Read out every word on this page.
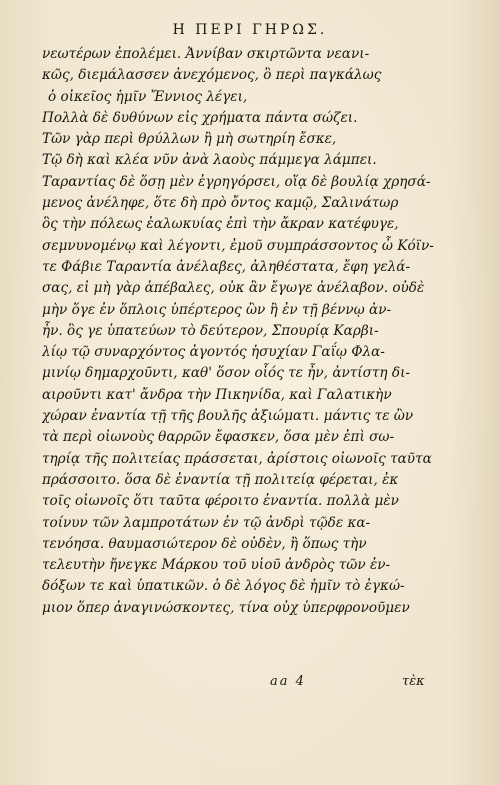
Η ΠΕΡΙ ΓΗΡΩΣ.
νεωτέρων ἐπολέμει. Ἀννίβαν σκιρτῶντα νεανι-
κῶς, διεμάλασσεν ἀνεχόμενος, ὃ περὶ παγκάλως
ὁ οἰκεῖος ἡμῖν Ἔννιος λέγει,
Πολλὰ δὲ δυθύνων εἰς χρήματα πάντα σώζει.
Τῶν γὰρ περὶ θρύλλων ἢ μὴ σωτηρίη ἔσκε,
Τῷ δὴ καὶ κλέα νῦν ἀνὰ λαοὺς πάμμεγα λάμπει.
Ταραντίας δὲ ὅσῃ μὲν ἐγρηγόρσει, οἵᾳ δὲ βουλίᾳ χρησά-
μενος ἀνέληφε, ὅτε δὴ πρὸ ὄντος καμῷ, Σαλινάτωρ
ὃς τὴν πόλεως ἐαλωκυίας ἐπὶ τὴν ἄκραν κατέφυγε,
σεμνυνομένῳ καὶ λέγοντι, ἐμοῦ συμπράσσοντος ὦ Κόϊν-
τε Φάβιε Ταραντία ἀνέλαβες, ἀληθέστατα, ἔφη γελά-
σας, εἰ μὴ γὰρ ἀπέβαλες, οὐκ ἂν ἔγωγε ἀνέλαβον. οὐδὲ
μὴν ὅγε ἐν ὅπλοις ὑπέρτερος ὢν ἢ ἐν τῇ βέννῳ ἀν-
ἦν. ὃς γε ὑπατεύων τὸ δεύτερον, Σπουρίᾳ Καρβι-
λίῳ τῷ συναρχόντος ἀγοντός ἡσυχίαν Γαΐῳ Φλα-
μινίῳ δημαρχοῦντι, καθ' ὅσον οἷός τε ἦν, ἀντίστη δι-
αιροῦντι κατ' ἄνδρα τὴν Πικηνίδα, καὶ Γαλατικὴν
χώραν ἐναντία τῇ τῆς βουλῆς ἀξιώματι. μάντις τε ὢν
τὰ περὶ οἰωνοὺς θαρρῶν ἔφασκεν, ὅσα μὲν ἐπὶ σω-
τηρίᾳ τῆς πολιτείας πράσσεται, ἀρίστοις οἰωνοῖς ταῦτα
πράσσοιτο. ὅσα δὲ ἐναντία τῇ πολιτείᾳ φέρεται, ἐκ
τοῖς οἰωνοῖς ὅτι ταῦτα φέροιτο ἐναντία. πολλὰ μὲν
τοίνυν τῶν λαμπροτάτων ἐν τῷ ἀνδρὶ τῷδε κα-
τενόησα. θαυμασιώτερον δὲ οὐδὲν, ἢ ὅπως τὴν
τελευτὴν ἤνεγκε Μάρκου τοῦ υἱοῦ ἀνδρὸς τῶν ἐν-
δόξων τε καὶ ὑπατικῶν. ὁ δὲ λόγος δὲ ἡμῖν τὸ ἐγκώ-
μιον ὅπερ ἀναγινώσκοντες, τίνα οὐχ ὑπερφρονοῦμεν
aa 4	τὲκ
